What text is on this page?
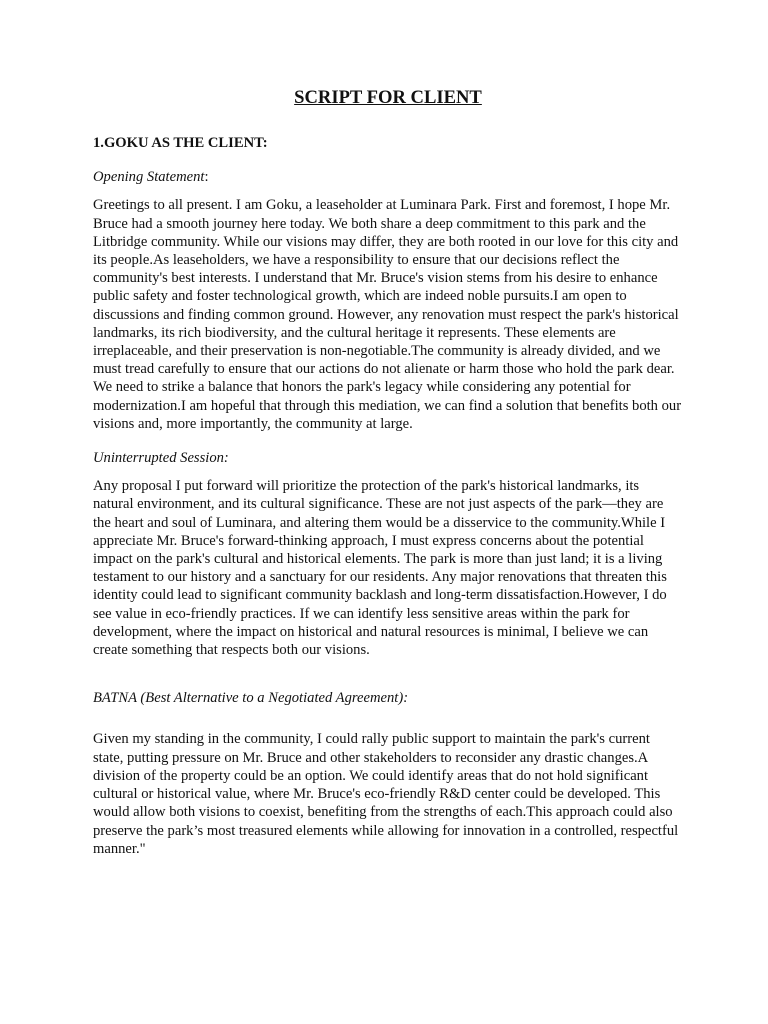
SCRIPT FOR CLIENT
1.GOKU AS THE CLIENT:
Opening Statement:

Greetings to all present. I am Goku, a leaseholder at Luminara Park. First and foremost, I hope Mr. Bruce had a smooth journey here today. We both share a deep commitment to this park and the Litbridge community. While our visions may differ, they are both rooted in our love for this city and its people.As leaseholders, we have a responsibility to ensure that our decisions reflect the community's best interests. I understand that Mr. Bruce's vision stems from his desire to enhance public safety and foster technological growth, which are indeed noble pursuits.I am open to discussions and finding common ground. However, any renovation must respect the park's historical landmarks, its rich biodiversity, and the cultural heritage it represents. These elements are irreplaceable, and their preservation is non-negotiable.The community is already divided, and we must tread carefully to ensure that our actions do not alienate or harm those who hold the park dear. We need to strike a balance that honors the park's legacy while considering any potential for modernization.I am hopeful that through this mediation, we can find a solution that benefits both our visions and, more importantly, the community at large.

Uninterrupted Session:

Any proposal I put forward will prioritize the protection of the park's historical landmarks, its natural environment, and its cultural significance. These are not just aspects of the park—they are the heart and soul of Luminara, and altering them would be a disservice to the community.While I appreciate Mr. Bruce's forward-thinking approach, I must express concerns about the potential impact on the park's cultural and historical elements. The park is more than just land; it is a living testament to our history and a sanctuary for our residents. Any major renovations that threaten this identity could lead to significant community backlash and long-term dissatisfaction.However, I do see value in eco-friendly practices. If we can identify less sensitive areas within the park for development, where the impact on historical and natural resources is minimal, I believe we can create something that respects both our visions.

BATNA (Best Alternative to a Negotiated Agreement):

Given my standing in the community, I could rally public support to maintain the park's current state, putting pressure on Mr. Bruce and other stakeholders to reconsider any drastic changes.A division of the property could be an option. We could identify areas that do not hold significant cultural or historical value, where Mr. Bruce's eco-friendly R&D center could be developed. This would allow both visions to coexist, benefiting from the strengths of each.This approach could also preserve the park’s most treasured elements while allowing for innovation in a controlled, respectful manner."
